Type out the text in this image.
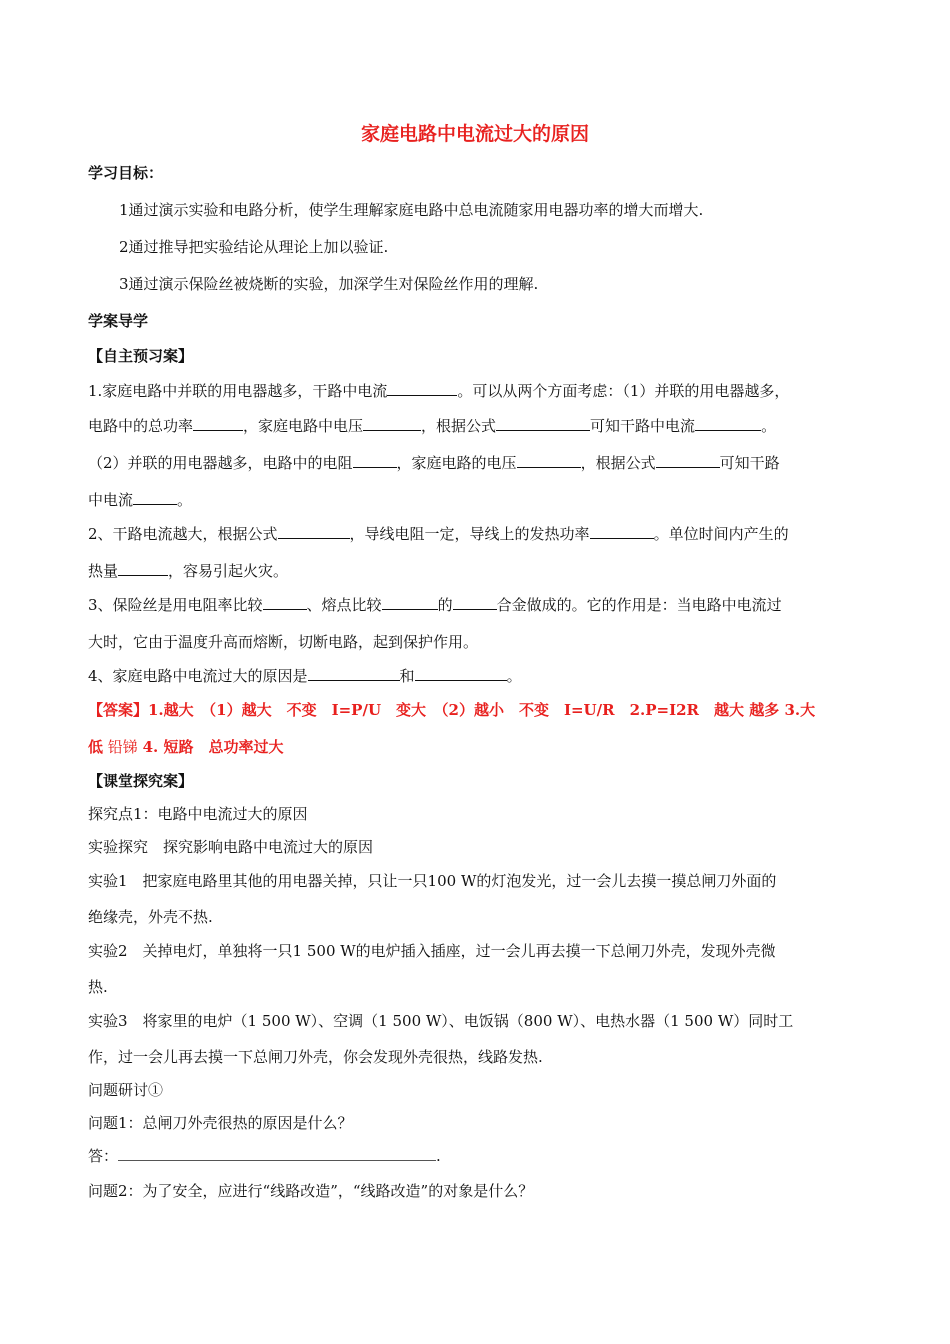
家庭电路中电流过大的原因
学习目标：
1通过演示实验和电路分析，使学生理解家庭电路中总电流随家用电器功率的增大而增大.
2通过推导把实验结论从理论上加以验证.
3通过演示保险丝被烧断的实验，加深学生对保险丝作用的理解.
学案导学
【自主预习案】
1.家庭电路中并联的用电器越多，干路中电流	。可以从两个方面考虑：（1）并联的用电器越多，
电路中的总功率	，家庭电路中电压	，根据公式	可知干路中电流	。
（2）并联的用电器越多，电路中的电阻	，家庭电路的电压	，根据公式	可知干路
中电流	。
2、干路电流越大，根据公式	，导线电阻一定，导线上的发热功率	。单位时间内产生的
热量	，容易引起火灾。
3、保险丝是用电阻率比较	、熔点比较	的	合金做成的。它的作用是：当电路中电流过
大时，它由于温度升高而熔断，切断电路，起到保护作用。
4、家庭电路中电流过大的原因是	和	。
【答案】1.越大　（1）越大　不变　I=P/U　变大　（2）越小　不变　I=U/R　2.P=I2R　越大 越多 3.大
低 铅锑 4. 短路　总功率过大
【课堂探究案】
探究点1：电路中电流过大的原因
实验探究　探究影响电路中电流过大的原因
实验1　把家庭电路里其他的用电器关掉，只让一只100 W的灯泡发光，过一会儿去摸一摸总闸刀外面的
绝缘壳，外壳不热.
实验2　关掉电灯，单独将一只1 500 W的电炉插入插座，过一会儿再去摸一下总闸刀外壳，发现外壳微
热.
实验3　将家里的电炉（1 500 W）、空调（1 500 W）、电饭锅（800 W）、电热水器（1 500 W）同时工
作，过一会儿再去摸一下总闸刀外壳，你会发现外壳很热，线路发热.
问题研讨①
问题1：总闸刀外壳很热的原因是什么？
答：	.
问题2：为了安全，应进行“线路改造”，“线路改造”的对象是什么？
